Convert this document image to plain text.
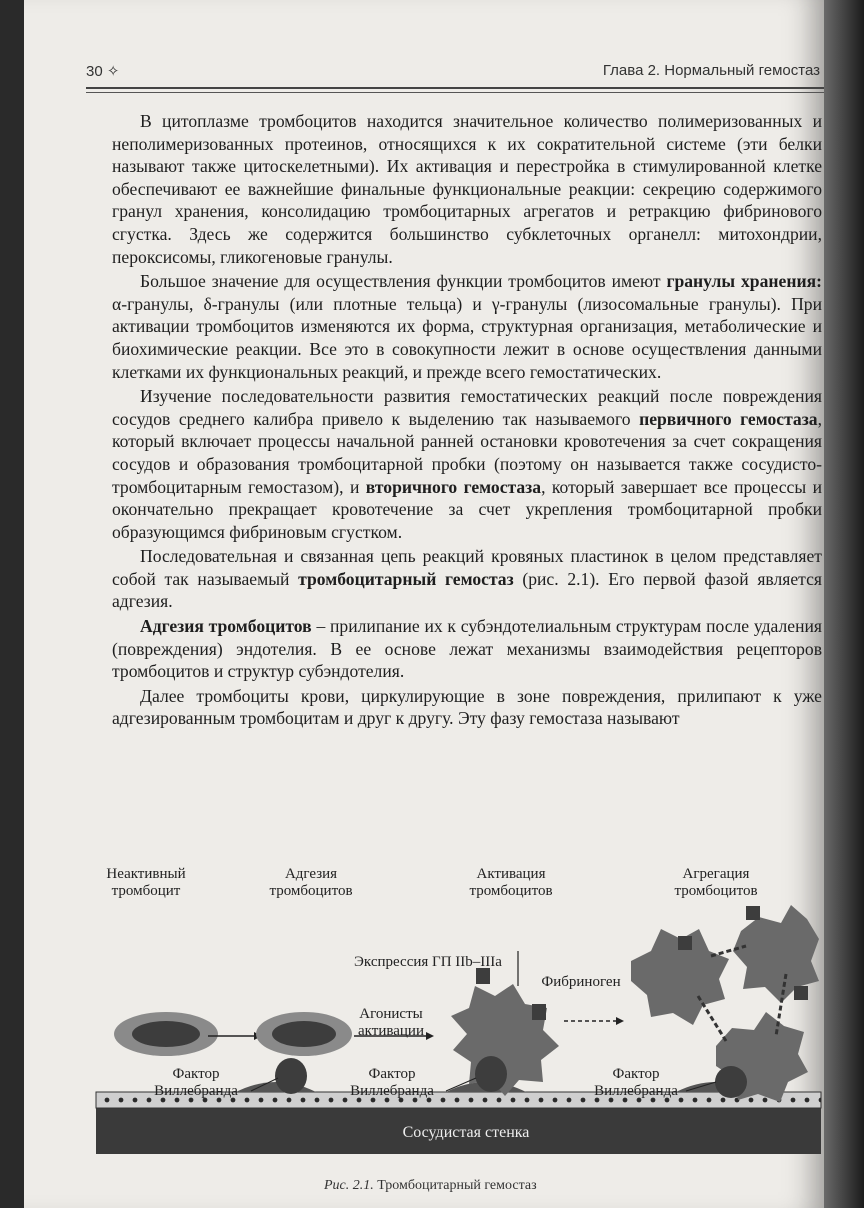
30 ✧	Глава 2. Нормальный гемостаз

В цитоплазме тромбоцитов находится значительное количество полимеризованных и неполимеризованных протеинов, относящихся к их сократительной системе (эти белки называют также цитоскелетными). Их активация и перестройка в стимулированной клетке обеспечивают ее важнейшие финальные функциональные реакции: секрецию содержимого гранул хранения, консолидацию тромбоцитарных агрегатов и ретракцию фибринового сгустка. Здесь же содержится большинство субклеточных органелл: митохондрии, пероксисомы, гликогеновые гранулы.

Большое значение для осуществления функции тромбоцитов имеют гранулы хранения: α-гранулы, δ-гранулы (или плотные тельца) и γ-гранулы (лизосомальные гранулы). При активации тромбоцитов изменяются их форма, структурная организация, метаболические и биохимические реакции. Все это в совокупности лежит в основе осуществления данными клетками их функциональных реакций, и прежде всего гемостатических.

Изучение последовательности развития гемостатических реакций после повреждения сосудов среднего калибра привело к выделению так называемого первичного гемостаза, который включает процессы начальной ранней остановки кровотечения за счет сокращения сосудов и образования тромбоцитарной пробки (поэтому он называется также сосудисто-тромбоцитарным гемостазом), и вторичного гемостаза, который завершает все процессы и окончательно прекращает кровотечение за счет укрепления тромбоцитарной пробки образующимся фибриновым сгустком.

Последовательная и связанная цепь реакций кровяных пластинок в целом представляет собой так называемый тромбоцитарный гемостаз (рис. 2.1). Его первой фазой является адгезия.

Адгезия тромбоцитов – прилипание их к субэндотелиальным структурам после удаления (повреждения) эндотелия. В ее основе лежат механизмы взаимодействия рецепторов тромбоцитов и структур субэндотелия.

Далее тромбоциты крови, циркулирующие в зоне повреждения, прилипают к уже адгезированным тромбоцитам и друг к другу. Эту фазу гемостаза называют

Неактивный
тромбоцит
Адгезия
тромбоцитов
Активация
тромбоцитов
Агрегация
тромбоцитов
Экспрессия ГП IIb–IIIa
Фибриноген
Агонисты
активации
Фактор
Виллебранда
Фактор
Виллебранда
Фактор
Виллебранда
Сосудистая стенка
Рис. 2.1. Тромбоцитарный гемостаз
